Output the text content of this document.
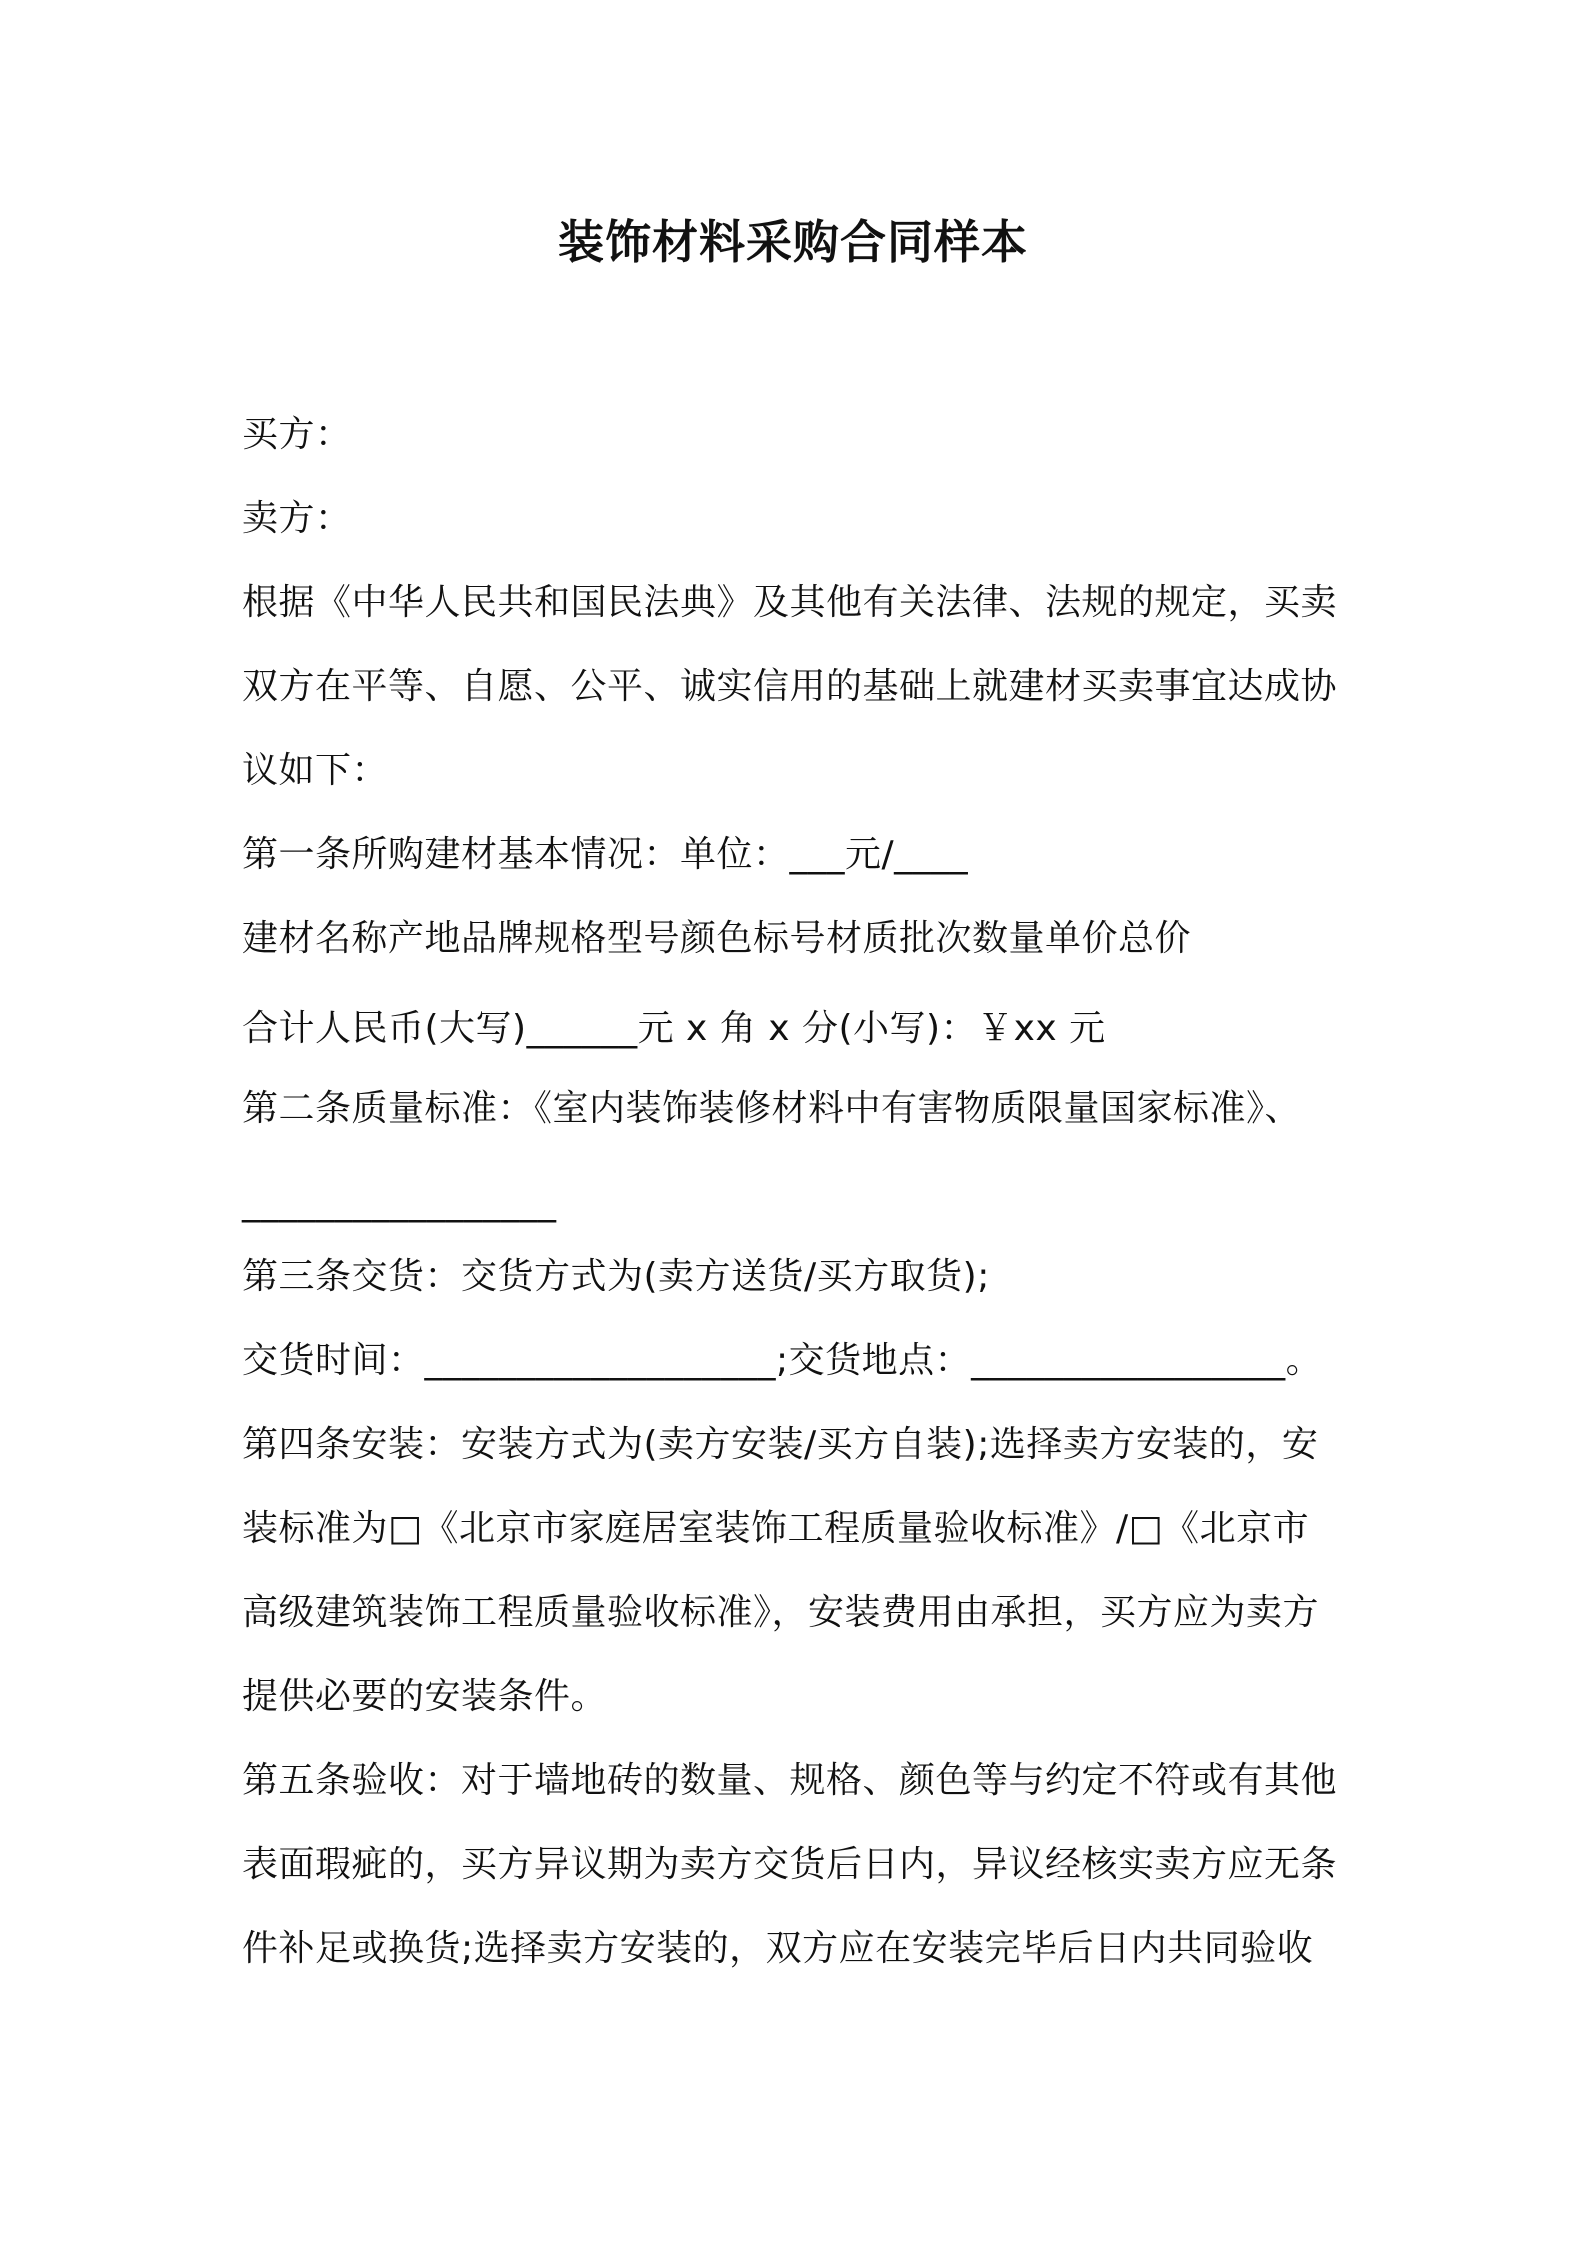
装饰材料采购合同样本
买方：
卖方：
根据《中华人民共和国民法典》及其他有关法律、法规的规定，买卖
双方在平等、自愿、公平、诚实信用的基础上就建材买卖事宜达成协
议如下：
第一条所购建材基本情况：单位：___元/____
建材名称产地品牌规格型号颜色标号材质批次数量单价总价
合计人民币(大写)______元 x 角 x 分(小写)：￥xx 元
第二条质量标准：《室内装饰装修材料中有害物质限量国家标准》、
_________________
第三条交货：交货方式为(卖方送货/买方取货);
交货时间：___________________;交货地点：_________________。
第四条安装：安装方式为(卖方安装/买方自装);选择卖方安装的，安
装标准为□《北京市家庭居室装饰工程质量验收标准》/□《北京市
高级建筑装饰工程质量验收标准》，安装费用由承担，买方应为卖方
提供必要的安装条件。
第五条验收：对于墙地砖的数量、规格、颜色等与约定不符或有其他
表面瑕疵的，买方异议期为卖方交货后日内，异议经核实卖方应无条
件补足或换货;选择卖方安装的，双方应在安装完毕后日内共同验收
